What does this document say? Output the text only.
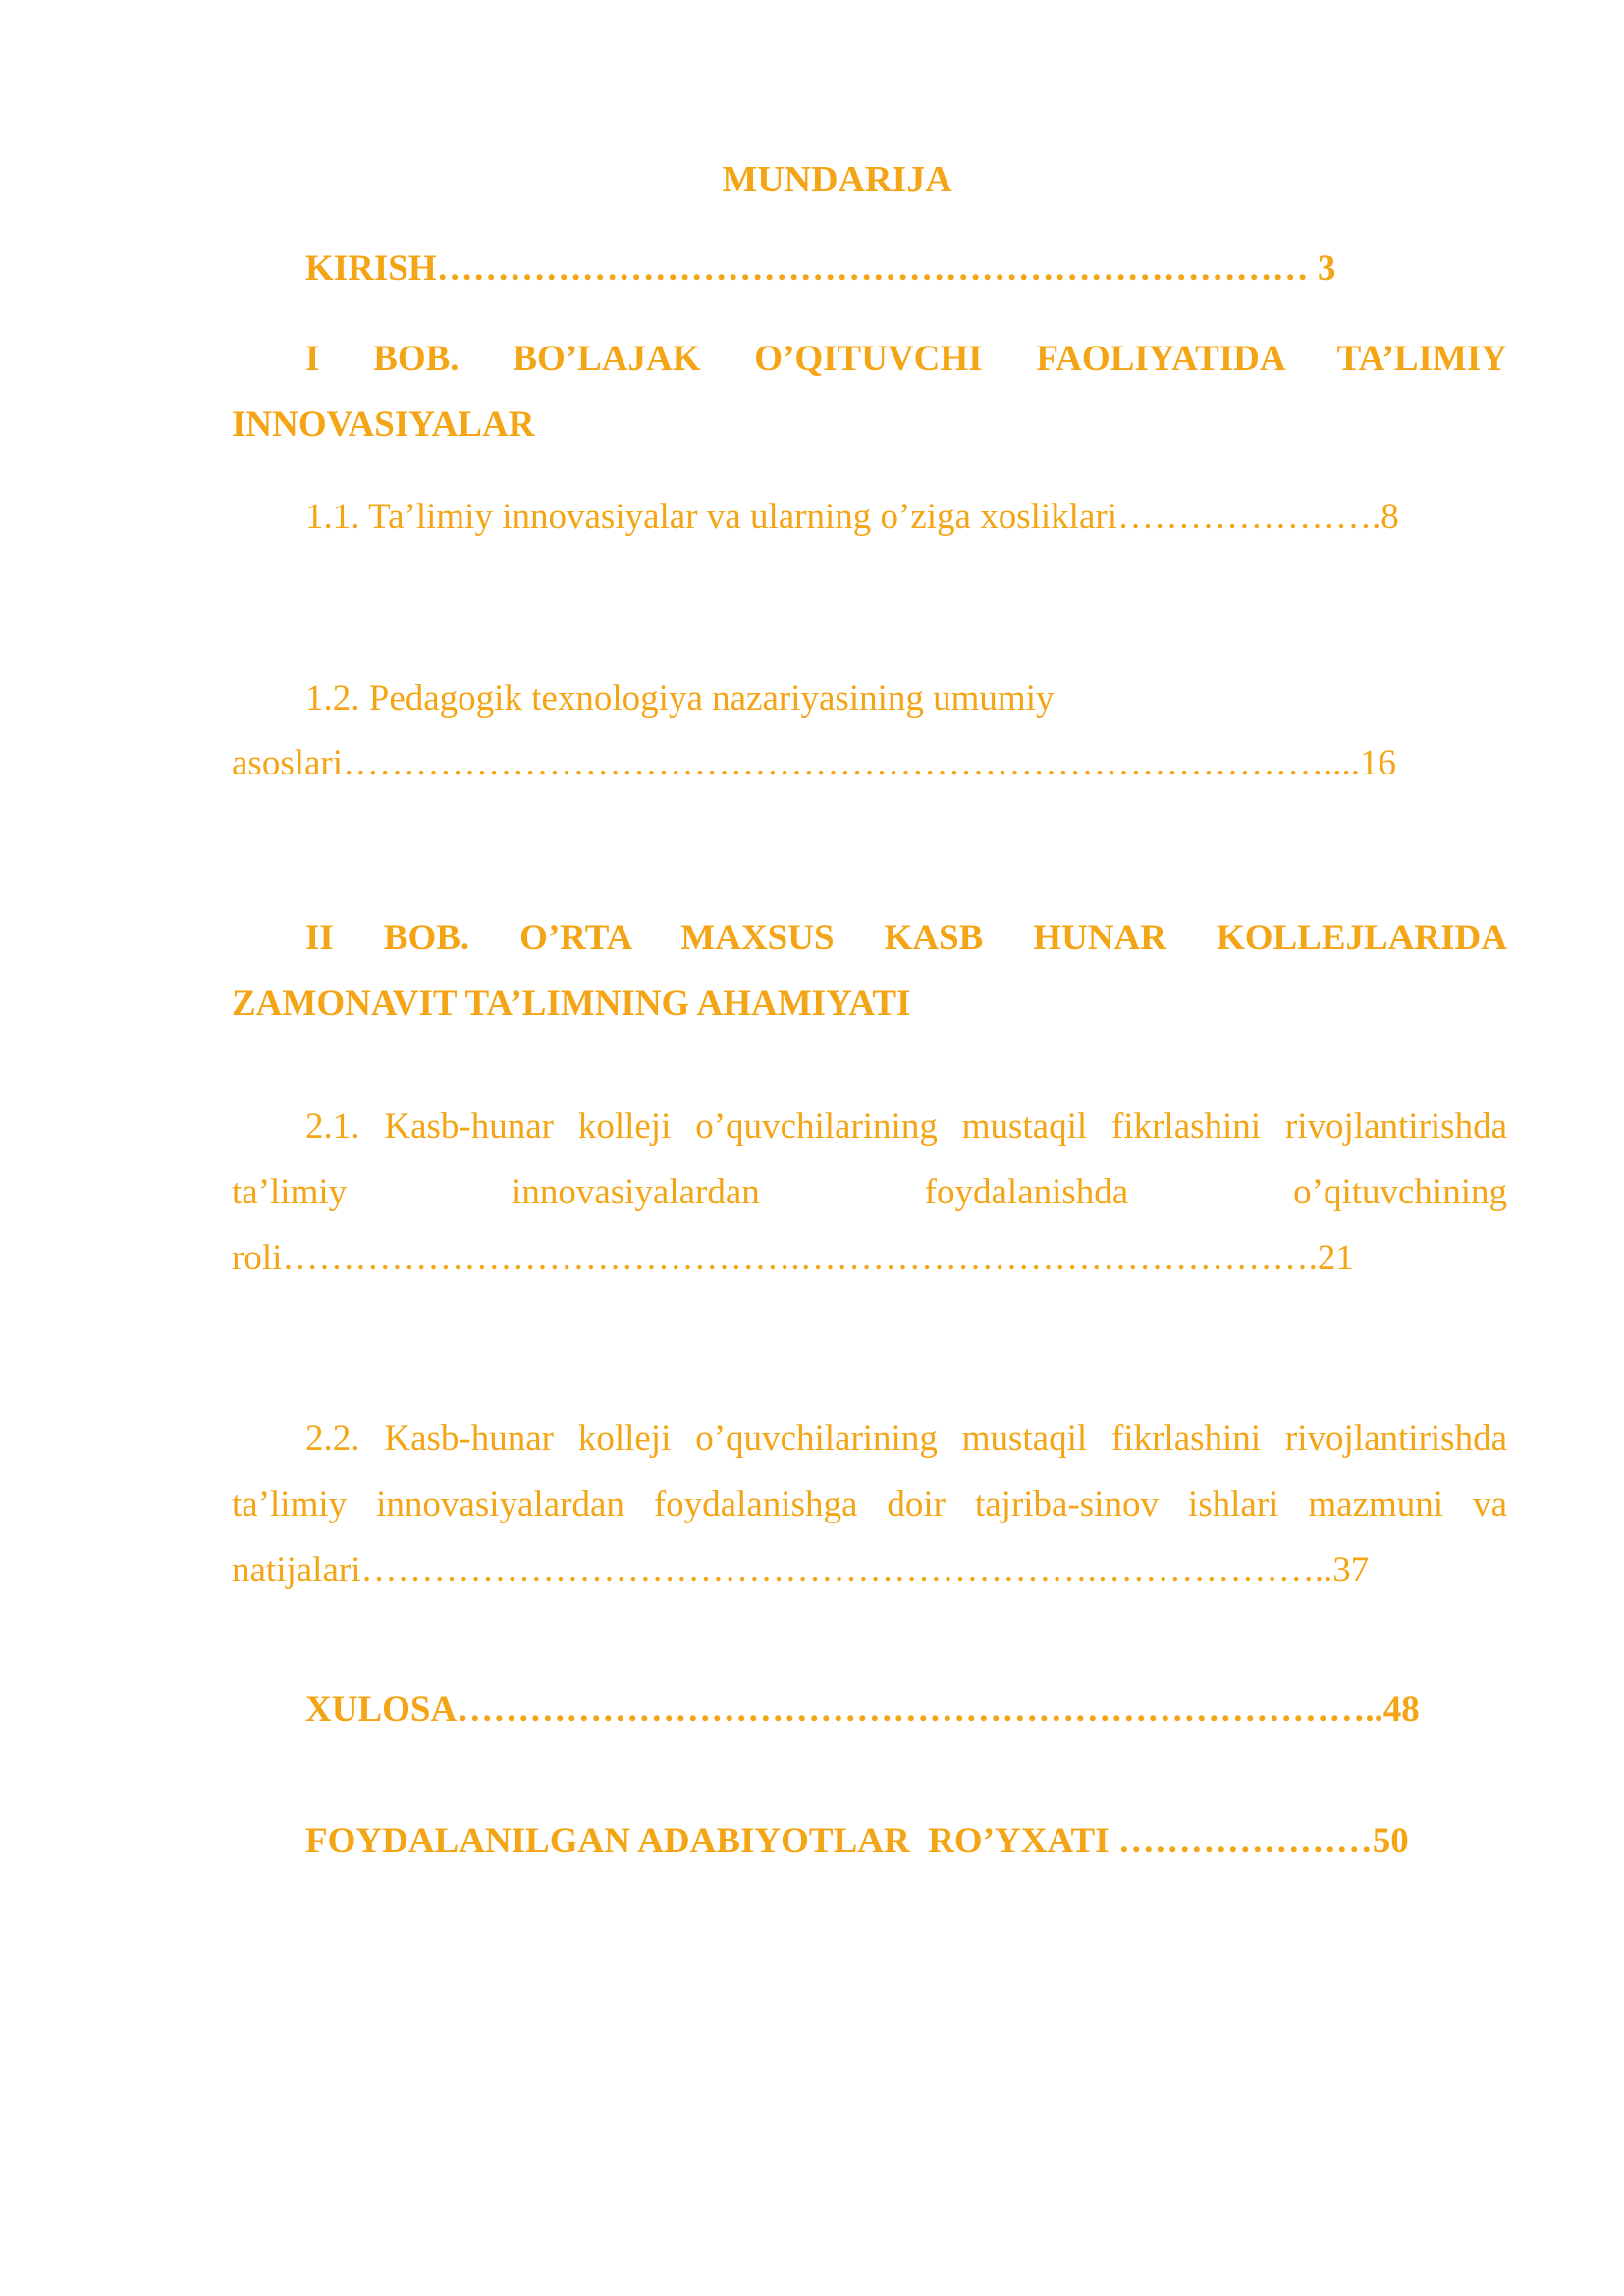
MUNDARIJA
KIRISH……………………………………………………………… 3
I BOB. BO’LAJAK O’QITUVCHI FAOLIYATIDA TA’LIMIY
INNOVASIYALAR
1.1. Ta’limiy innovasiyalar va ularning o’ziga xosliklari………………….8
1.2. Pedagogik texnologiya nazariyasining umumiy
asoslari………………………………………………………………………....16
II BOB. O’RTA MAXSUS KASB HUNAR KOLLEJLARIDA
ZAMONAVIT TA’LIMNING AHAMIYATI
2.1. Kasb-hunar kolleji o’quvchilarining mustaqil fikrlashini rivojlantirishda
ta’limiy innovasiyalardan foydalanishda o’qituvchining
roli…………………………………….…………………………………….21
2.2. Kasb-hunar kolleji o’quvchilarining mustaqil fikrlashini rivojlantirishda
ta’limiy innovasiyalardan foydalanishga doir tajriba-sinov ishlari mazmuni va
natijalari…………………………………………………….………………..37
XULOSA…………………………………………………………………..48
FOYDALANILGAN ADABIYOTLAR  RO’YXATI …………………50
